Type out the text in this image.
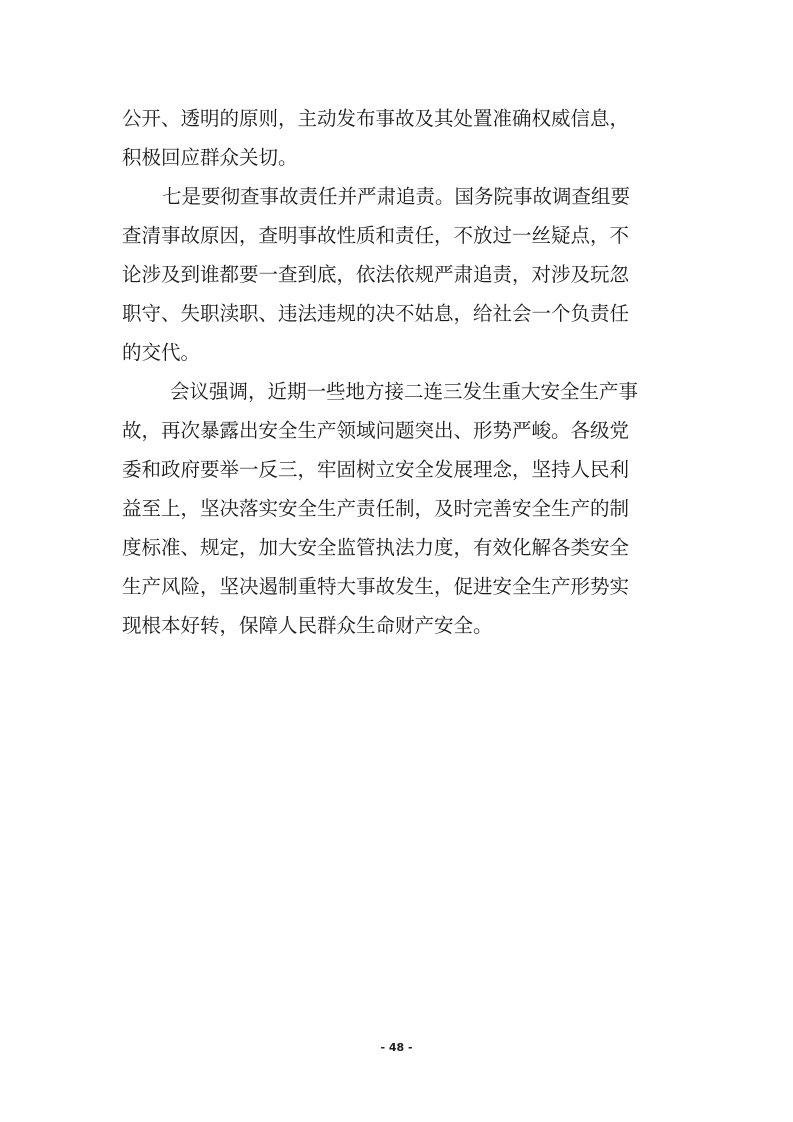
公开、透明的原则，主动发布事故及其处置准确权威信息，
积极回应群众关切。
七是要彻查事故责任并严肃追责。国务院事故调查组要
查清事故原因，查明事故性质和责任，不放过一丝疑点，不
论涉及到谁都要一查到底，依法依规严肃追责，对涉及玩忽
职守、失职渎职、违法违规的决不姑息，给社会一个负责任
的交代。
会议强调，近期一些地方接二连三发生重大安全生产事
故，再次暴露出安全生产领域问题突出、形势严峻。各级党
委和政府要举一反三，牢固树立安全发展理念，坚持人民利
益至上，坚决落实安全生产责任制，及时完善安全生产的制
度标准、规定，加大安全监管执法力度，有效化解各类安全
生产风险，坚决遏制重特大事故发生，促进安全生产形势实
现根本好转，保障人民群众生命财产安全。
- 48 -
